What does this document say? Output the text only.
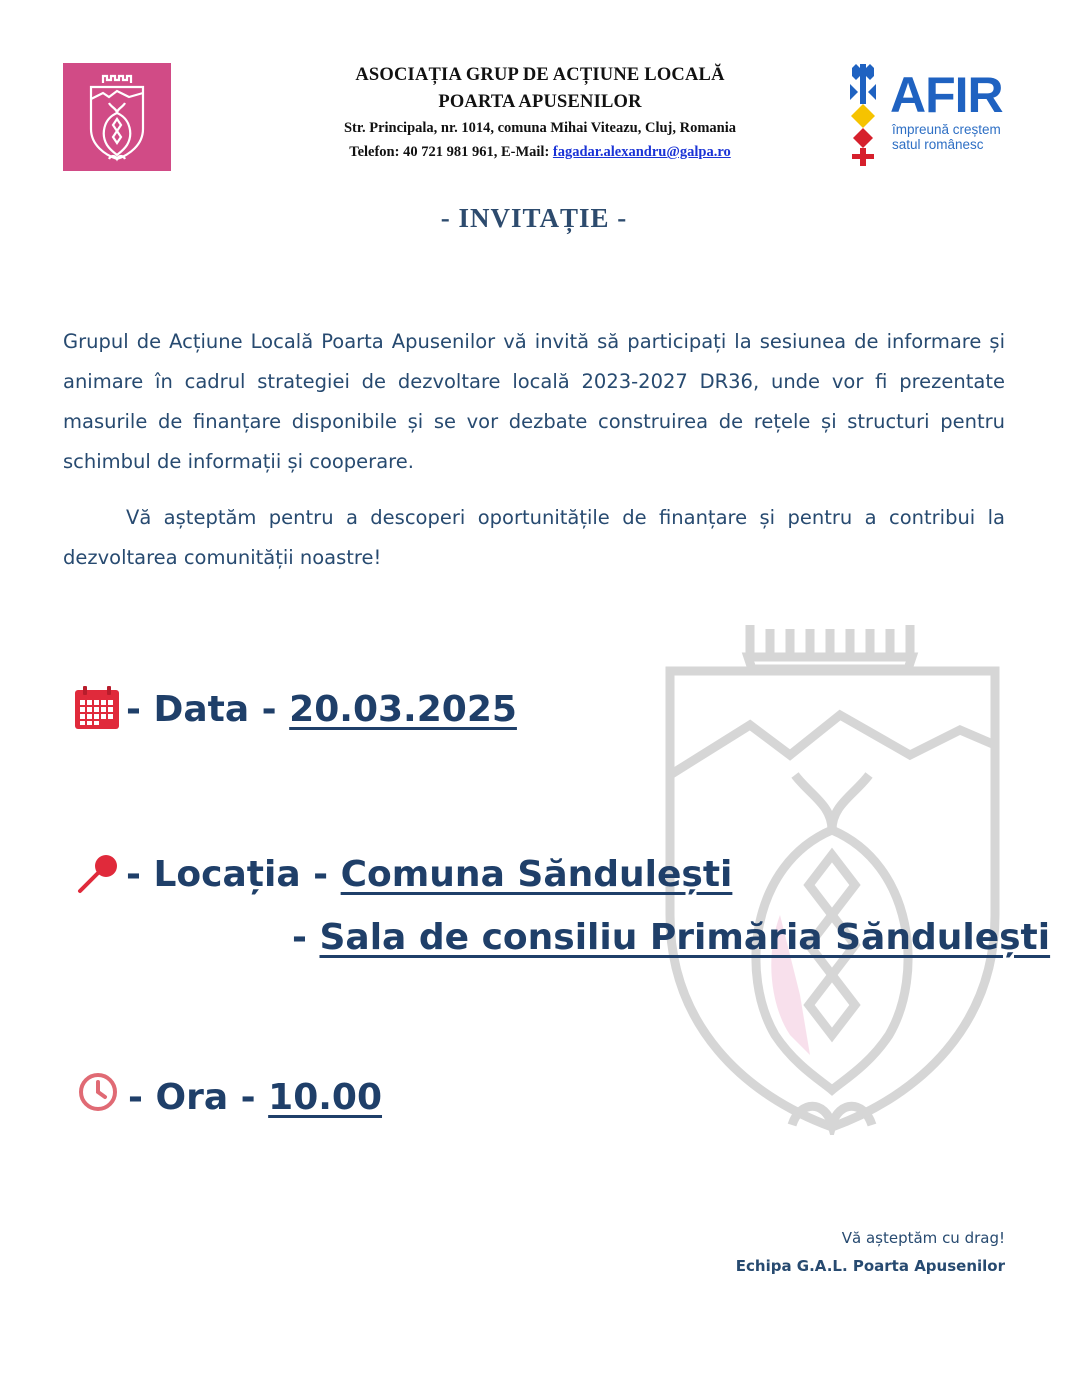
ASOCIAȚIA GRUP DE ACȚIUNE LOCALĂ
POARTA APUSENILOR
Str. Principala, nr. 1014, comuna Mihai Viteazu, Cluj, Romania
Telefon: 40 721 981 961, E-Mail: fagadar.alexandru@galpa.ro
AFIR
împreună creștem
satul românesc
- INVITAȚIE -

Grupul de Acțiune Locală Poarta Apusenilor vă invită să participați la sesiunea de informare și animare în cadrul strategiei de dezvoltare locală 2023-2027 DR36, unde vor fi prezentate masurile de finanțare disponibile și se vor dezbate construirea de rețele și structuri pentru schimbul de informații și cooperare.

Vă așteptăm pentru a descoperi oportunitățile de finanțare și pentru a contribui la dezvoltarea comunității noastre!

- Data - 20.03.2025
- Locația - Comuna Săndulești
- Sala de consiliu Primăria Săndulești
- Ora - 10.00
Vă așteptăm cu drag!
Echipa G.A.L. Poarta Apusenilor
